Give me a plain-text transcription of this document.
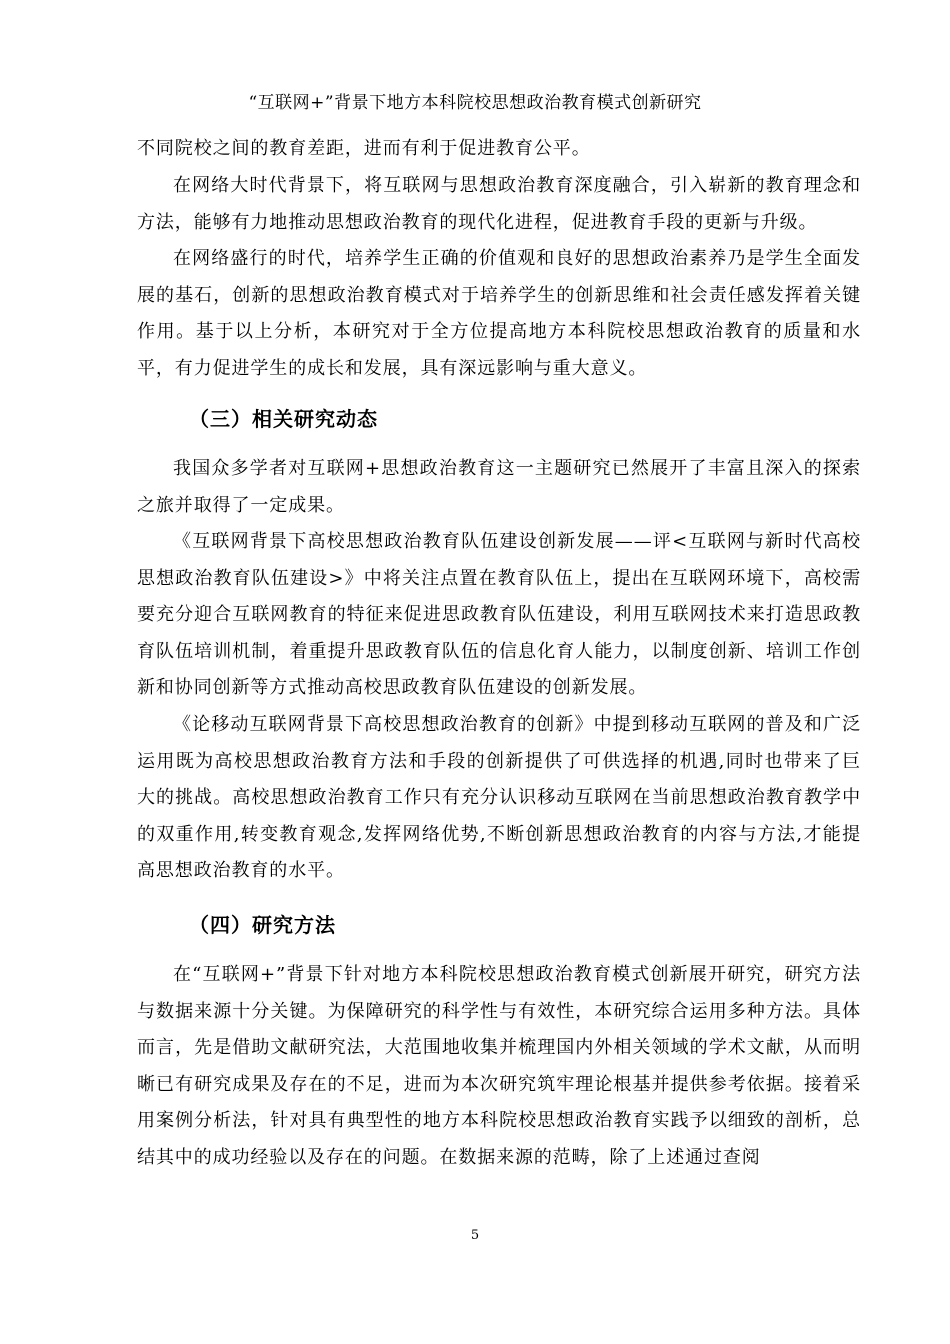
“互联网+”背景下地方本科院校思想政治教育模式创新研究

不同院校之间的教育差距，进而有利于促进教育公平。

在网络大时代背景下，将互联网与思想政治教育深度融合，引入崭新的教育理念和方法，能够有力地推动思想政治教育的现代化进程，促进教育手段的更新与升级。

在网络盛行的时代，培养学生正确的价值观和良好的思想政治素养乃是学生全面发展的基石，创新的思想政治教育模式对于培养学生的创新思维和社会责任感发挥着关键作用。基于以上分析，本研究对于全方位提高地方本科院校思想政治教育的质量和水平，有力促进学生的成长和发展，具有深远影响与重大意义。

（三）相关研究动态

我国众多学者对互联网+思想政治教育这一主题研究已然展开了丰富且深入的探索之旅并取得了一定成果。

《互联网背景下高校思想政治教育队伍建设创新发展——评<互联网与新时代高校思想政治教育队伍建设>》中将关注点置在教育队伍上，提出在互联网环境下，高校需要充分迎合互联网教育的特征来促进思政教育队伍建设，利用互联网技术来打造思政教育队伍培训机制，着重提升思政教育队伍的信息化育人能力，以制度创新、培训工作创新和协同创新等方式推动高校思政教育队伍建设的创新发展。

《论移动互联网背景下高校思想政治教育的创新》中提到移动互联网的普及和广泛运用既为高校思想政治教育方法和手段的创新提供了可供选择的机遇,同时也带来了巨大的挑战。高校思想政治教育工作只有充分认识移动互联网在当前思想政治教育教学中的双重作用,转变教育观念,发挥网络优势,不断创新思想政治教育的内容与方法,才能提高思想政治教育的水平。

（四）研究方法

在“互联网+”背景下针对地方本科院校思想政治教育模式创新展开研究，研究方法与数据来源十分关键。为保障研究的科学性与有效性，本研究综合运用多种方法。具体而言，先是借助文献研究法，大范围地收集并梳理国内外相关领域的学术文献，从而明晰已有研究成果及存在的不足，进而为本次研究筑牢理论根基并提供参考依据。接着采用案例分析法，针对具有典型性的地方本科院校思想政治教育实践予以细致的剖析，总结其中的成功经验以及存在的问题。在数据来源的范畴，除了上述通过查阅

5
